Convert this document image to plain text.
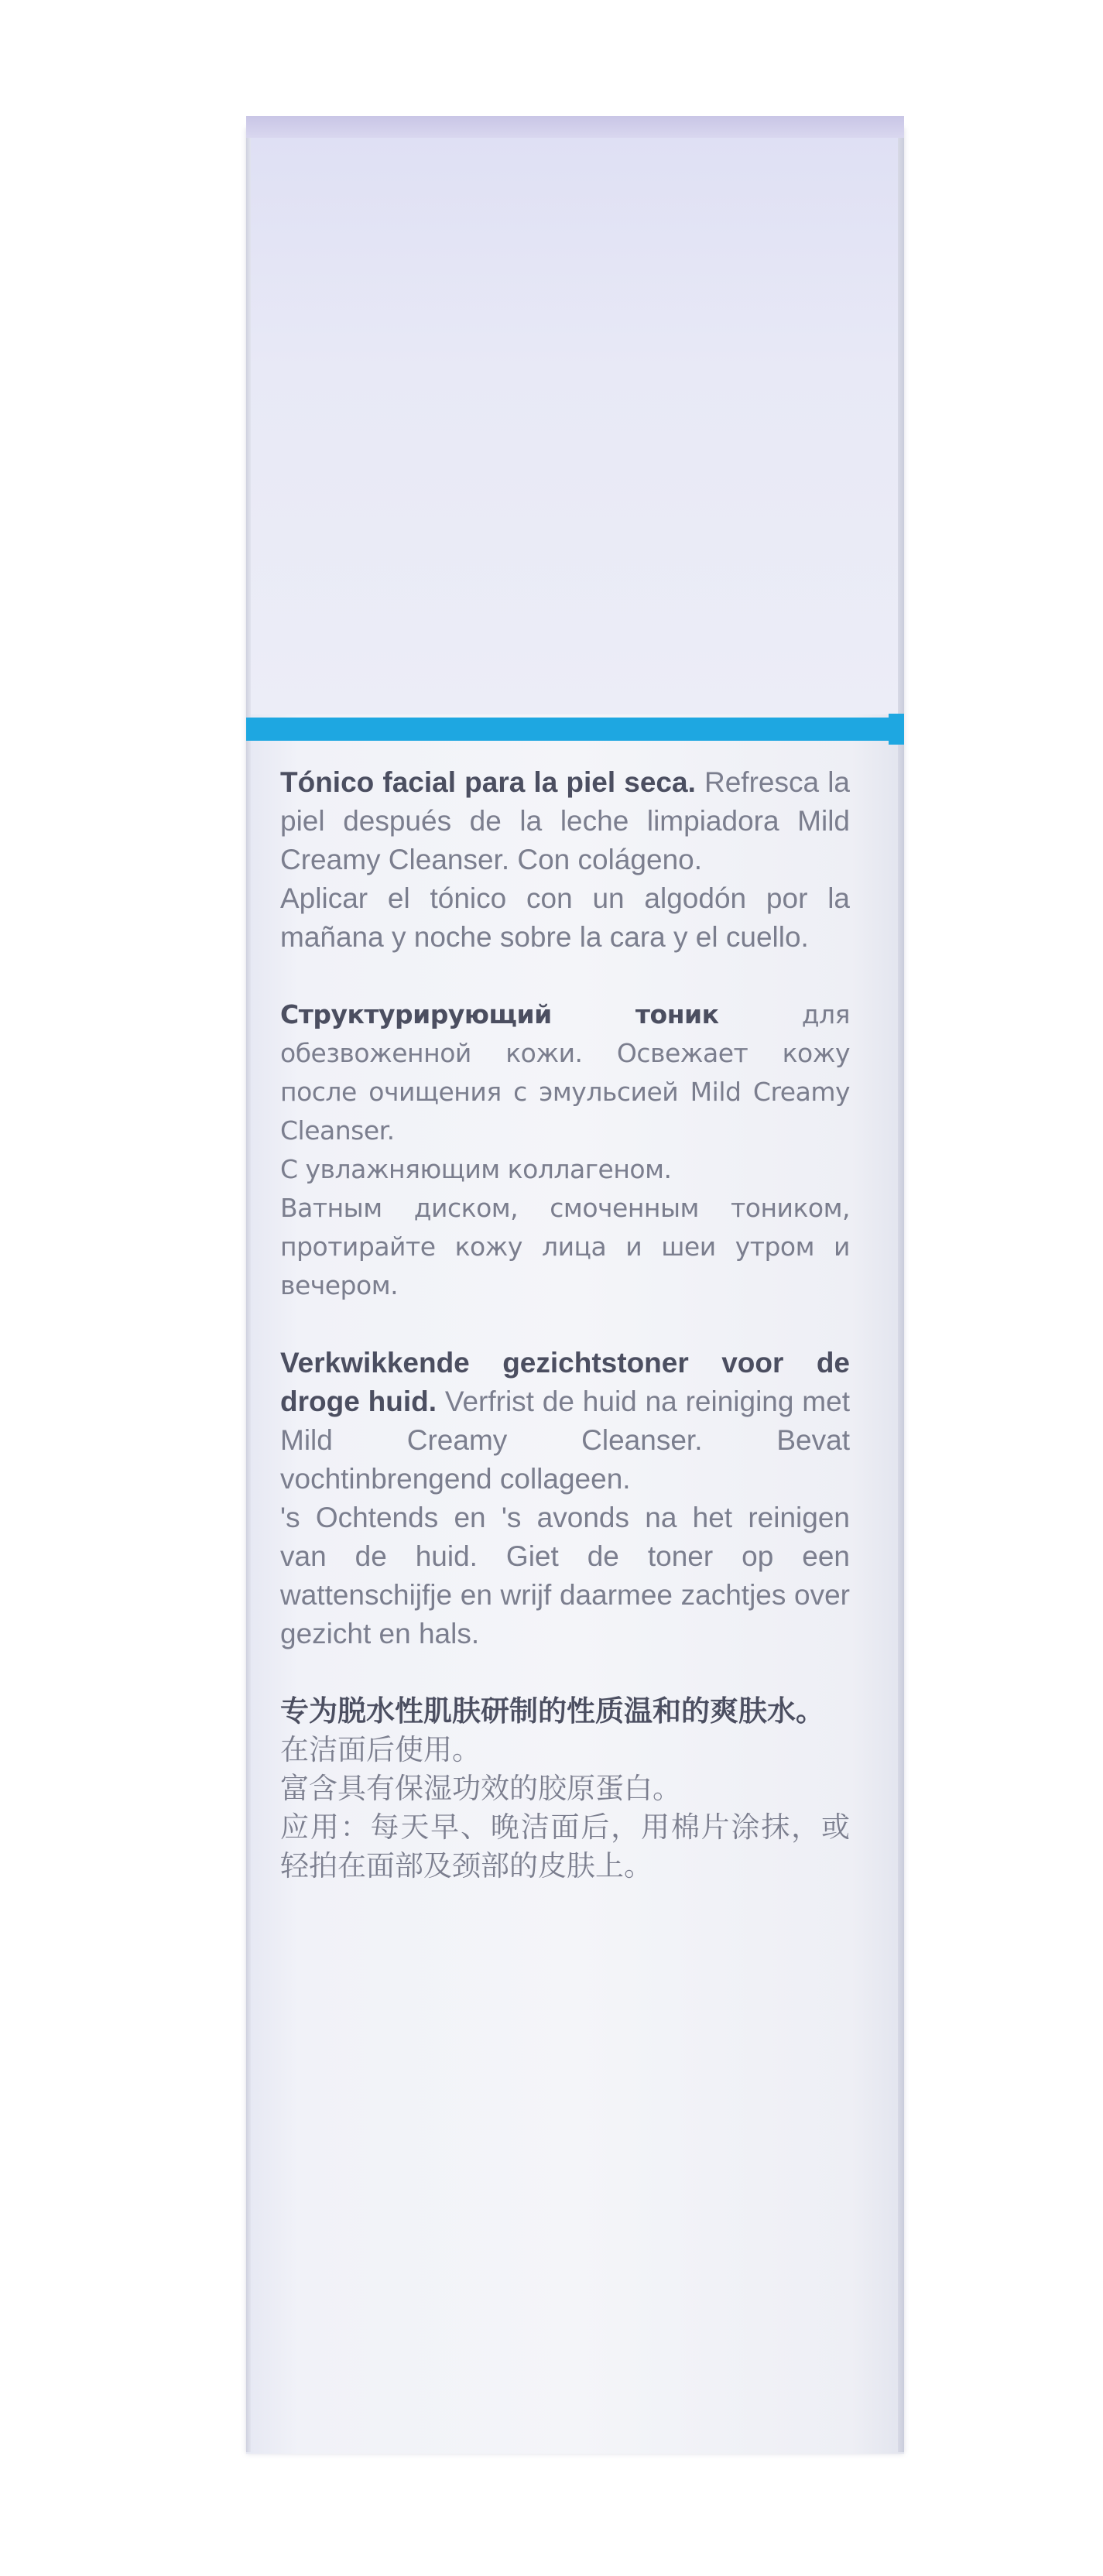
Tónico facial para la piel seca. Refresca la piel después de la leche limpiadora Mild Creamy Cleanser. Con colágeno.

Aplicar el tónico con un algodón por la mañana y noche sobre la cara y el cuello.

Структурирующий тоник для обезвоженной кожи. Освежает кожу после очищения с эмульсией Mild Creamy Cleanser.

С увлажняющим коллагеном.

Ватным диском, смоченным тоником, протирайте кожу лица и шеи утром и вечером.

Verkwikkende gezichtstoner voor de droge huid. Verfrist de huid na reiniging met Mild Creamy Cleanser. Bevat vochtinbrengend collageen.

's Ochtends en 's avonds na het reinigen van de huid. Giet de toner op een wattenschijfje en wrijf daarmee zachtjes over gezicht en hals.

专为脱水性肌肤研制的性质温和的爽肤水。

在洁面后使用。

富含具有保湿功效的胶原蛋白。

应用：每天早、晚洁面后，用棉片涂抹，或轻拍在面部及颈部的皮肤上。
